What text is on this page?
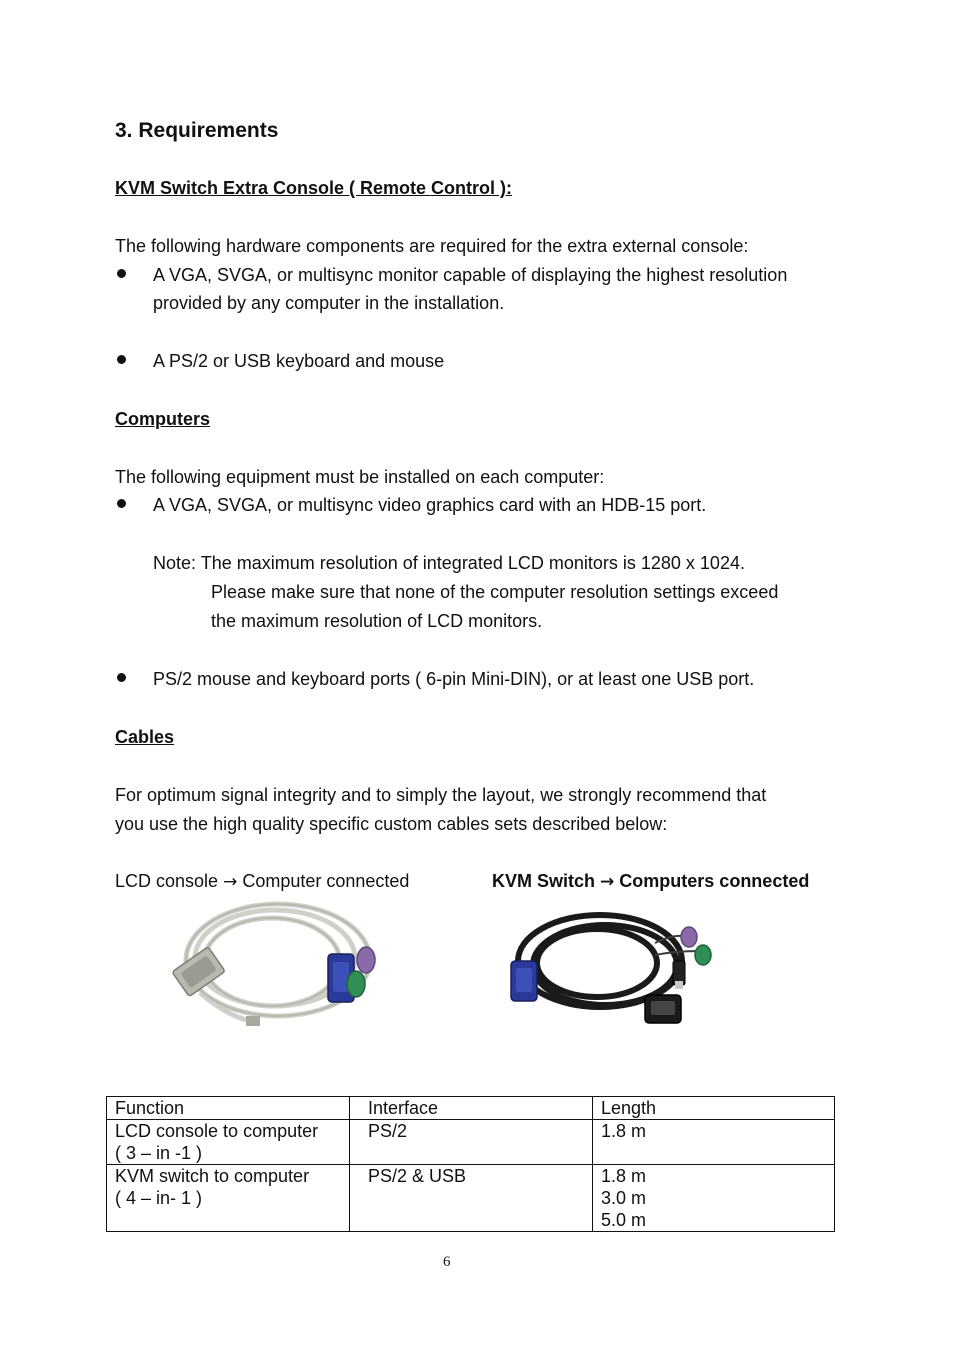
3. Requirements
KVM Switch Extra Console ( Remote Control ):
The following hardware components are required for the extra external console:
A VGA, SVGA, or multisync monitor capable of displaying the highest resolution
provided by any computer in the installation.
A PS/2 or USB keyboard and mouse
Computers
The following equipment must be installed on each computer:
A VGA, SVGA, or multisync video graphics card with an HDB-15 port.
Note: The maximum resolution of integrated LCD monitors is 1280 x 1024.
Please make sure that none of the computer resolution settings exceed
the maximum resolution of LCD monitors.
PS/2 mouse and keyboard ports ( 6-pin Mini-DIN), or at least one USB port.
Cables
For optimum signal integrity and to simply the layout, we strongly recommend that
you use the high quality specific custom cables sets described below:
LCD console → Computer connected	KVM Switch → Computers connected
Function	Interface	Length

LCD console to computer
( 3 – in -1 )	PS/2	1.8 m

KVM switch to computer
( 4 – in- 1 )	PS/2 & USB	1.8 m
3.0 m
5.0 m
6
